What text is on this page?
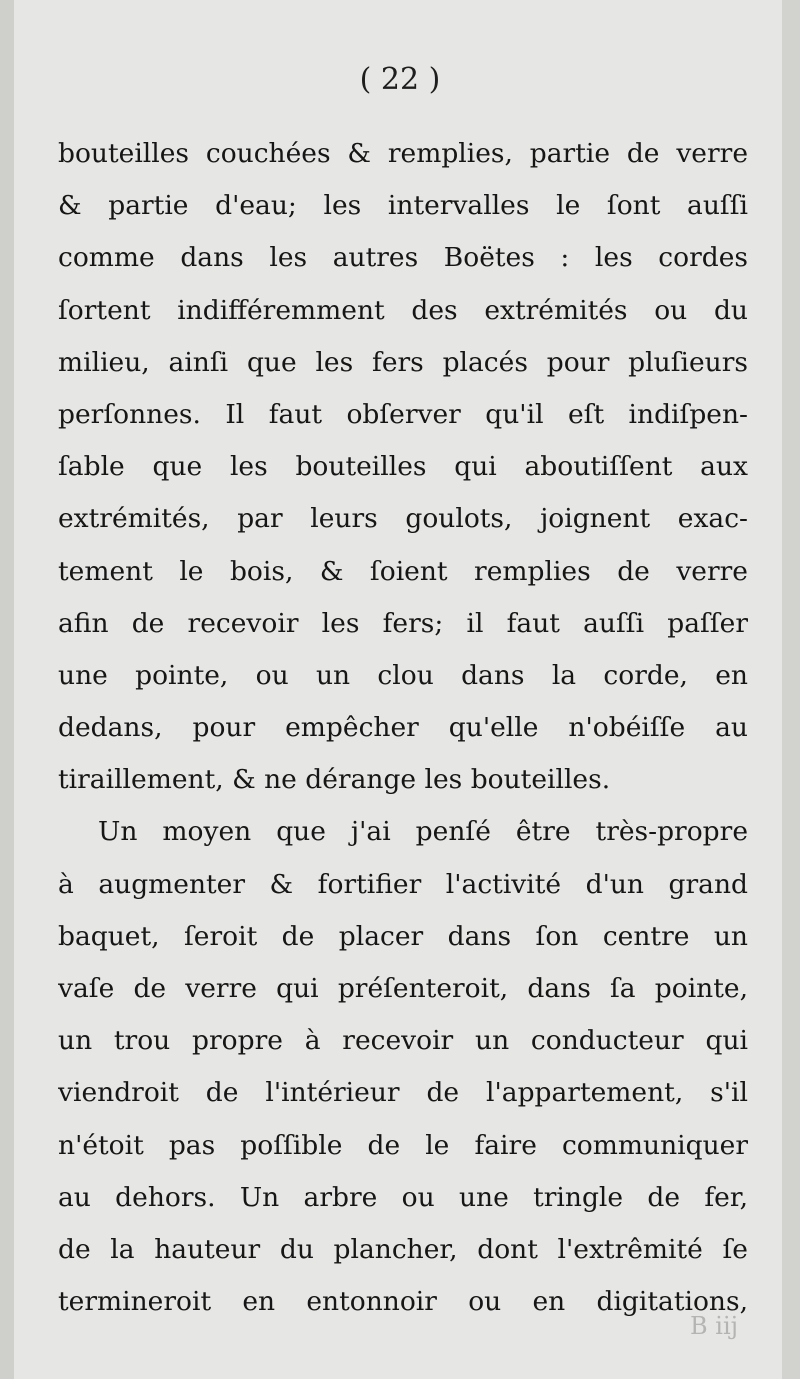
( 22 )
bouteilles couchées & remplies, partie de verre
& partie d'eau; les intervalles le ſont auſſi
comme dans les autres Boëtes : les cordes
ſortent indifféremment des extrémités ou du
milieu, ainſi que les fers placés pour pluſieurs
perſonnes. Il faut obſerver qu'il eſt indiſpen-
ſable que les bouteilles qui aboutiſſent aux
extrémités, par leurs goulots, joignent exac-
tement le bois, & ſoient remplies de verre
afin de recevoir les fers; il faut auſſi paſſer
une pointe, ou un clou dans la corde, en
dedans, pour empêcher qu'elle n'obéiſſe au
tiraillement, & ne dérange les bouteilles.
Un moyen que j'ai penſé être très-propre
à augmenter & fortifier l'activité d'un grand
baquet, ſeroit de placer dans ſon centre un
vaſe de verre qui préſenteroit, dans ſa pointe,
un trou propre à recevoir un conducteur qui
viendroit de l'intérieur de l'appartement, s'il
n'étoit pas poſſible de le faire communiquer
au dehors. Un arbre ou une tringle de fer,
de la hauteur du plancher, dont l'extrêmité ſe
termineroit en entonnoir ou en digitations,
B iij
